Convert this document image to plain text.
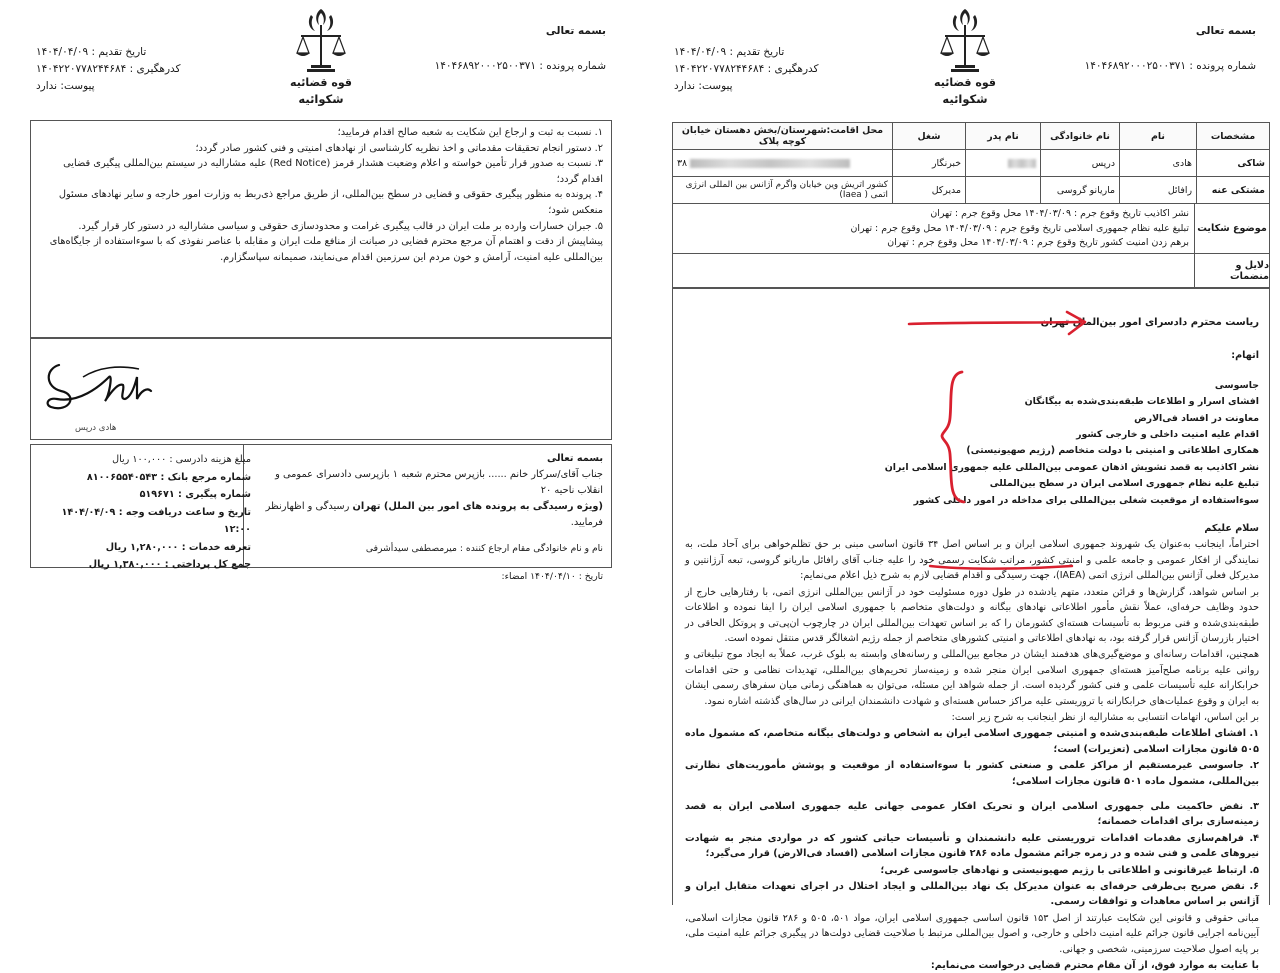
بسمه تعالی
شماره پرونده : ۱۴۰۴۶۸۹۲۰۰۰۲۵۰۰۳۷۱
قوه قضائیه
شکوائیه
تاریخ تقدیم : ۱۴۰۴/۰۴/۰۹
کدرهگیری : ۱۴۰۴۲۲۰۷۷۸۲۴۴۶۸۴
پیوست: ندارد
۱. نسبت به ثبت و ارجاع این شکایت به شعبه صالح اقدام فرمایید؛
۲. دستور انجام تحقیقات مقدماتی و اخذ نظریه کارشناسی از نهادهای امنیتی و فنی کشور صادر گردد؛
۳. نسبت به صدور قرار تأمین خواسته و اعلام وضعیت هشدار قرمز (Red Notice) علیه مشارالیه در سیستم بین‌المللی پیگیری قضایی اقدام گردد؛
۴. پرونده به منظور پیگیری حقوقی و قضایی در سطح بین‌المللی، از طریق مراجع ذی‌ربط به وزارت امور خارجه و سایر نهادهای مسئول منعکس شود؛
۵. جبران خسارات وارده بر ملت ایران در قالب پیگیری غرامت و محدودسازی حقوقی و سیاسی مشارالیه در دستور کار قرار گیرد.
پیشاپیش از دقت و اهتمام آن مرجع محترم قضایی در صیانت از منافع ملت ایران و مقابله با عناصر نفوذی که با سوءاستفاده از جایگاه‌های بین‌المللی علیه امنیت، آرامش و خون مردم این سرزمین اقدام می‌نمایند، صمیمانه سپاسگزارم.
هادی درپس
بسمه تعالی
جناب آقای/سرکار خانم ...... بازپرس محترم شعبه ۱ بازپرسی دادسرای عمومی و انقلاب ناحیه ۲۰
(ویژه رسیدگی به پرونده های امور بین الملل) تهران رسیدگی و اظهارنظر فرمایید.
نام و نام خانوادگی مقام ارجاع کننده : میرمصطفی سیدأشرفی
تاریخ : ۱۴۰۴/۰۴/۱۰ امضاء:
مبلغ هزینه دادرسی : ۱۰۰,۰۰۰ ریال
شماره مرجع بانک : ۸۱۰۰۶۵۵۴۰۵۴۳
شماره پیگیری : ۵۱۹۶۷۱
تاریخ و ساعت دریافت وجه : ۱۴۰۴/۰۴/۰۹ ۱۲:۰۰
تعرفه خدمات : ۱,۲۸۰,۰۰۰ ریال
جمع کل پرداختی : ۱,۳۸۰,۰۰۰ ریال
بسمه تعالی
شماره پرونده : ۱۴۰۴۶۸۹۲۰۰۰۲۵۰۰۳۷۱
قوه قضائیه
شکوائیه
تاریخ تقدیم : ۱۴۰۴/۰۴/۰۹
کدرهگیری : ۱۴۰۴۲۲۰۷۷۸۲۴۴۶۸۴
پیوست: ندارد
مشخصات	نام	نام خانوادگی	نام پدر	شغل	محل اقامت:شهرستان/بخش دهستان خیابان کوچه پلاک
شاکی	هادی	درپس		خبرنگار	۳۸
مشتکی عنه	رافائل	ماریانو گروسی		مدیرکل	کشور اتریش وین خیابان واگرم آژانس بین المللی انرژی اتمی ( Iaea)
موضوع شکایت
نشر اکاذیب تاریخ وقوع جرم : ۱۴۰۴/۰۳/۰۹ محل وقوع جرم : تهران
تبلیغ علیه نظام جمهوری اسلامی تاریخ وقوع جرم : ۱۴۰۴/۰۳/۰۹ محل وقوع جرم : تهران
برهم زدن امنیت کشور تاریخ وقوع جرم : ۱۴۰۴/۰۳/۰۹ محل وقوع جرم : تهران
دلایل و منضمات

ریاست محترم دادسرای امور بین‌الملل تهران

اتهام:

جاسوسی
افشای اسرار و اطلاعات طبقه‌بندی‌شده به بیگانگان
معاونت در افساد فی‌الارض
اقدام علیه امنیت داخلی و خارجی کشور
همکاری اطلاعاتی و امنیتی با دولت متخاصم (رژیم صهیونیستی)
نشر اکاذیب به قصد تشویش اذهان عمومی بین‌المللی علیه جمهوری اسلامی ایران
تبلیغ علیه نظام جمهوری اسلامی ایران در سطح بین‌المللی
سوءاستفاده از موقعیت شغلی بین‌المللی برای مداخله در امور داخلی کشور

سلام علیکم

احتراماً، اینجانب به‌عنوان یک شهروند جمهوری اسلامی ایران و بر اساس اصل ۳۴ قانون اساسی مبنی بر حق تظلم‌خواهی برای آحاد ملت، به نمایندگی از افکار عمومی و جامعه علمی و امنیتی کشور، مراتب شکایت رسمی خود را علیه جناب آقای رافائل ماریانو گروسی، تبعه آرژانتین و مدیرکل فعلی آژانس بین‌المللی انرژی اتمی (IAEA)، جهت رسیدگی و اقدام قضایی لازم به شرح ذیل اعلام می‌نمایم:

بر اساس شواهد، گزارش‌ها و قرائن متعدد، متهم یادشده در طول دوره مسئولیت خود در آژانس بین‌المللی انرژی اتمی، با رفتارهایی خارج از حدود وظایف حرفه‌ای، عملاً نقش مأمور اطلاعاتی نهادهای بیگانه و دولت‌های متخاصم با جمهوری اسلامی ایران را ایفا نموده و اطلاعات طبقه‌بندی‌شده و فنی مربوط به تأسیسات هسته‌ای کشورمان را که بر اساس تعهدات بین‌المللی ایران در چارچوب ان‌پی‌تی و پروتکل الحاقی در اختیار بازرسان آژانس قرار گرفته بود، به نهادهای اطلاعاتی و امنیتی کشورهای متخاصم از جمله رژیم اشغالگر قدس منتقل نموده است.

همچنین، اقدامات رسانه‌ای و موضع‌گیری‌های هدفمند ایشان در مجامع بین‌المللی و رسانه‌های وابسته به بلوک غرب، عملاً به ایجاد موج تبلیغاتی و روانی علیه برنامه صلح‌آمیز هسته‌ای جمهوری اسلامی ایران منجر شده و زمینه‌ساز تحریم‌های بین‌المللی، تهدیدات نظامی و حتی اقدامات خرابکارانه علیه تأسیسات علمی و فنی کشور گردیده است. از جمله شواهد این مسئله، می‌توان به هماهنگی زمانی میان سفرهای رسمی ایشان به ایران و وقوع عملیات‌های خرابکارانه یا تروریستی علیه مراکز حساس هسته‌ای و شهادت دانشمندان ایرانی در سال‌های گذشته اشاره نمود.

بر این اساس، اتهامات انتسابی به مشارالیه از نظر اینجانب به شرح زیر است:

۱. افشای اطلاعات طبقه‌بندی‌شده و امنیتی جمهوری اسلامی ایران به اشخاص و دولت‌های بیگانه متخاصم، که مشمول ماده ۵۰۵ قانون مجازات اسلامی (تعزیرات) است؛

۲. جاسوسی غیرمستقیم از مراکز علمی و صنعتی کشور با سوءاستفاده از موقعیت و پوشش مأموریت‌های نظارتی بین‌المللی، مشمول ماده ۵۰۱ قانون مجازات اسلامی؛

۳. نقض حاکمیت ملی جمهوری اسلامی ایران و تحریک افکار عمومی جهانی علیه جمهوری اسلامی ایران به قصد زمینه‌سازی برای اقدامات خصمانه؛

۴. فراهم‌سازی مقدمات اقدامات تروریستی علیه دانشمندان و تأسیسات حیاتی کشور که در مواردی منجر به شهادت نیروهای علمی و فنی شده و در زمره جرائم مشمول ماده ۲۸۶ قانون مجازات اسلامی (افساد فی‌الارض) قرار می‌گیرد؛

۵. ارتباط غیرقانونی و اطلاعاتی با رژیم صهیونیستی و نهادهای جاسوسی غربی؛

۶. نقض صریح بی‌طرفی حرفه‌ای به عنوان مدیرکل یک نهاد بین‌المللی و ایجاد اختلال در اجرای تعهدات متقابل ایران و آژانس بر اساس معاهدات و توافقات رسمی.

مبانی حقوقی و قانونی این شکایت عبارتند از اصل ۱۵۳ قانون اساسی جمهوری اسلامی ایران، مواد ۵۰۱، ۵۰۵ و ۲۸۶ قانون مجازات اسلامی، آیین‌نامه اجرایی قانون جرائم علیه امنیت داخلی و خارجی، و اصول بین‌المللی مرتبط با صلاحیت قضایی دولت‌ها در پیگیری جرائم علیه امنیت ملی، بر پایه اصول صلاحیت سرزمینی، شخصی و جهانی.

با عنایت به موارد فوق، از آن مقام محترم قضایی درخواست می‌نمایم:
